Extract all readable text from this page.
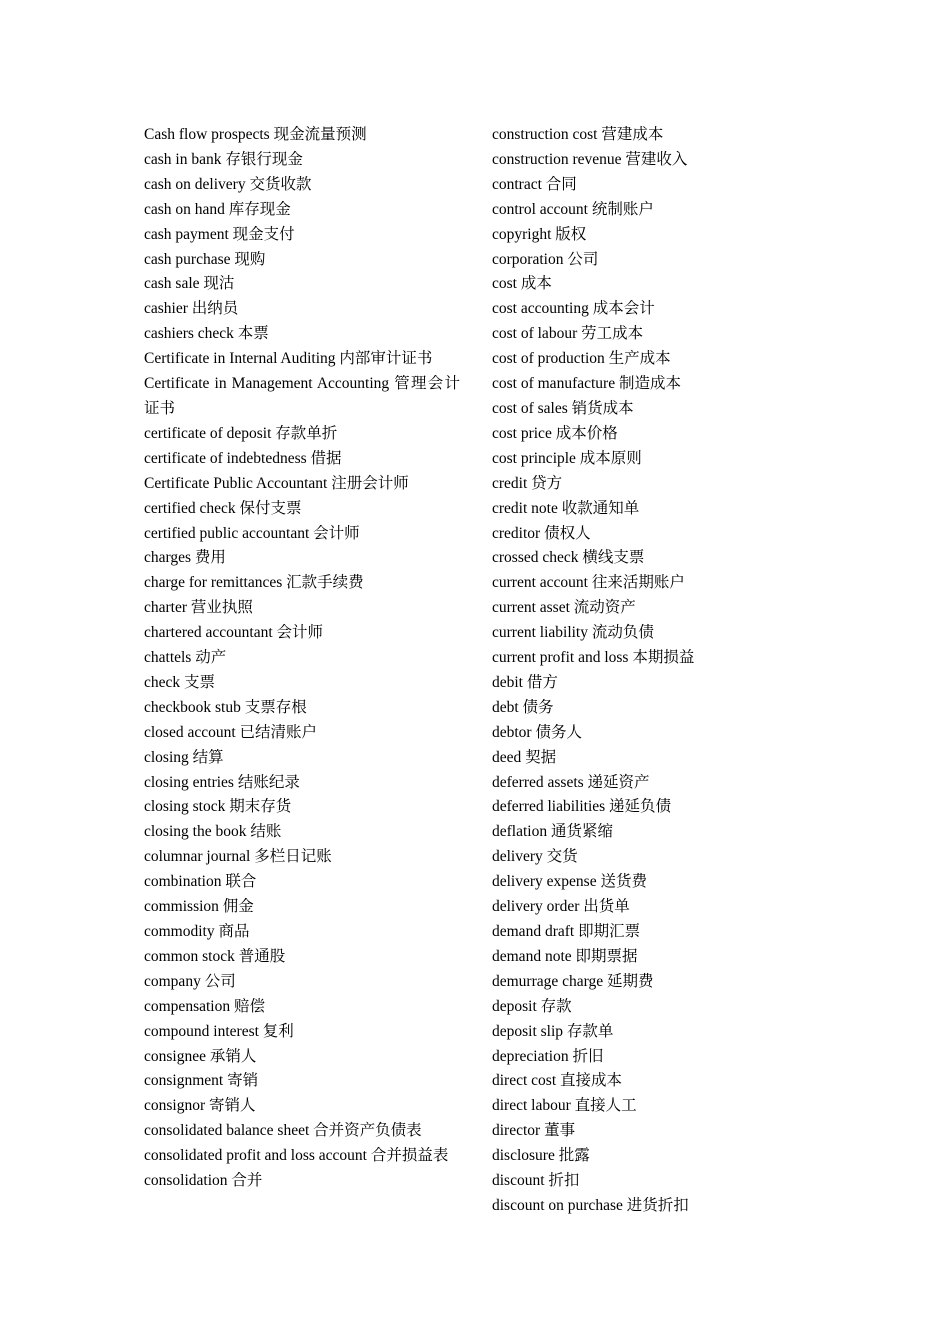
Cash flow prospects 现金流量预测
cash in bank 存银行现金
cash on delivery 交货收款
cash on hand 库存现金
cash payment 现金支付
cash purchase 现购
cash sale 现沽
cashier 出纳员
cashiers check 本票
Certificate in Internal Auditing 内部审计证书
Certificate in Management Accounting 管理会计证书
certificate of deposit 存款单折
certificate of indebtedness 借据
Certificate Public Accountant 注册会计师
certified check 保付支票
certified public accountant 会计师
charges 费用
charge for remittances 汇款手续费
charter 营业执照
chartered accountant 会计师
chattels 动产
check 支票
checkbook stub 支票存根
closed account 已结清账户
closing 结算
closing entries 结账纪录
closing stock 期末存货
closing the book 结账
columnar journal 多栏日记账
combination 联合
commission 佣金
commodity 商品
common stock 普通股
company 公司
compensation 赔偿
compound interest 复利
consignee 承销人
consignment 寄销
consignor 寄销人
consolidated balance sheet 合并资产负债表
consolidated profit and loss account 合并损益表
consolidation 合并
construction cost 营建成本
construction revenue 营建收入
contract 合同
control account 统制账户
copyright 版权
corporation 公司
cost 成本
cost accounting 成本会计
cost of labour 劳工成本
cost of production 生产成本
cost of manufacture 制造成本
cost of sales 销货成本
cost price 成本价格
cost principle 成本原则
credit 贷方
credit note 收款通知单
creditor 债权人
crossed check 横线支票
current account 往来活期账户
current asset 流动资产
current liability 流动负债
current profit and loss 本期损益
debit 借方
debt 债务
debtor 债务人
deed 契据
deferred assets 递延资产
deferred liabilities 递延负债
deflation 通货紧缩
delivery 交货
delivery expense 送货费
delivery order 出货单
demand draft 即期汇票
demand note 即期票据
demurrage charge 延期费
deposit 存款
deposit slip 存款单
depreciation 折旧
direct cost 直接成本
direct labour 直接人工
director 董事
disclosure 批露
discount 折扣
discount on purchase 进货折扣
